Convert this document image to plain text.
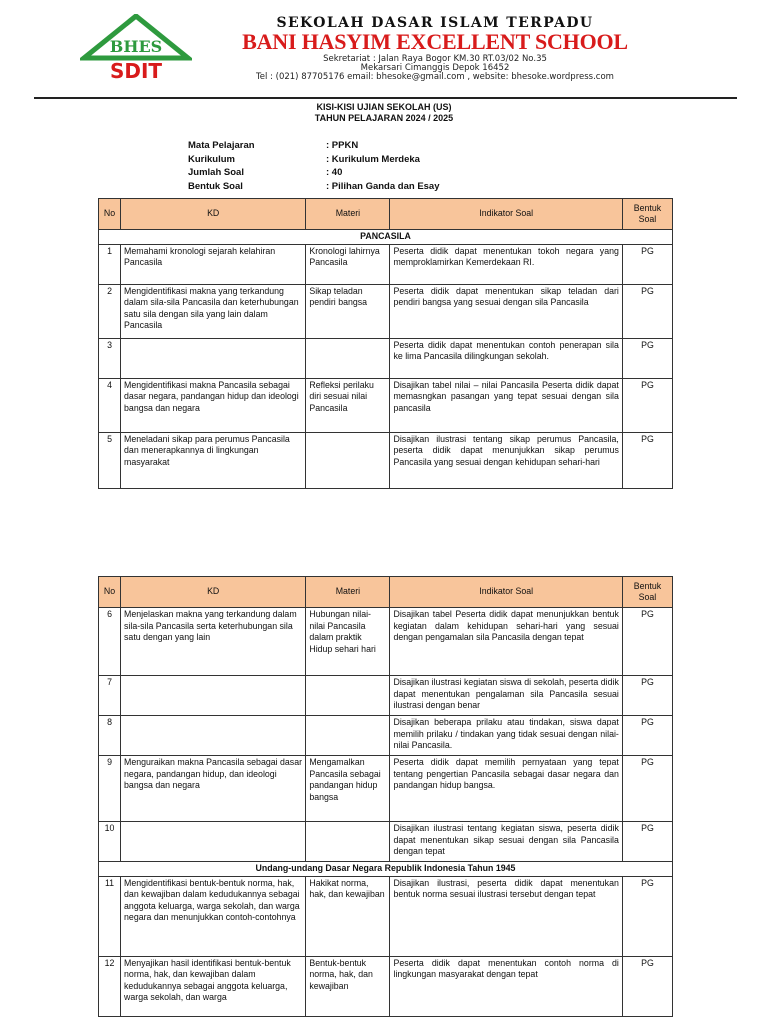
BHES
SDIT
SEKOLAH DASAR ISLAM TERPADU
BANI HASYIM EXCELLENT SCHOOL
Sekretariat : Jalan Raya Bogor KM.30 RT.03/02 No.35
Mekarsari Cimanggis Depok 16452
Tel : (021) 87705176 email: bhesoke@gmail.com , website: bhesoke.wordpress.com
KISI-KISI UJIAN SEKOLAH (US)
TAHUN PELAJARAN 2024 / 2025
Mata Pelajaran	: PPKN
Kurikulum	: Kurikulum Merdeka
Jumlah Soal	: 40
Bentuk Soal	: Pilihan Ganda dan Esay
No	KD	Materi	Indikator Soal	Bentuk Soal
PANCASILA				
1	Memahami kronologi sejarah kelahiran Pancasila	Kronologi lahirnya Pancasila	Peserta didik dapat menentukan tokoh negara yang memproklamirkan Kemerdekaan RI.	PG
2	Mengidentifikasi makna yang terkandung dalam sila-sila Pancasila dan keterhubungan satu sila dengan sila yang lain dalam Pancasila	Sikap teladan pendiri bangsa	Peserta didik dapat menentukan sikap teladan dari pendiri bangsa yang sesuai dengan sila Pancasila	PG
3			Peserta didik dapat menentukan contoh penerapan sila ke lima Pancasila dilingkungan sekolah.	PG
4	Mengidentifikasi makna Pancasila sebagai dasar negara, pandangan hidup dan ideologi bangsa dan negara	Refleksi perilaku diri sesuai nilai Pancasila	Disajikan tabel nilai – nilai Pancasila Peserta didik dapat memasngkan pasangan yang tepat sesuai dengan sila pancasila	PG
5	Meneladani sikap para perumus Pancasila dan menerapkannya di lingkungan masyarakat		Disajikan ilustrasi tentang sikap perumus Pancasila, peserta didik dapat menunjukkan sikap perumus Pancasila yang sesuai dengan kehidupan sehari-hari	PG
No	KD	Materi	Indikator Soal	Bentuk Soal
6	Menjelaskan makna yang terkandung dalam sila-sila Pancasila serta keterhubungan sila satu dengan yang lain	Hubungan nilai-nilai Pancasila dalam praktik Hidup sehari hari	Disajikan tabel Peserta didik dapat menunjukkan bentuk kegiatan dalam kehidupan sehari-hari yang sesuai dengan pengamalan sila Pancasila dengan tepat	PG
7			Disajikan ilustrasi kegiatan siswa di sekolah, peserta didik dapat menentukan pengalaman sila Pancasila sesuai ilustrasi dengan benar	PG
8			Disajikan beberapa prilaku atau tindakan, siswa dapat memilih prilaku / tindakan yang tidak sesuai dengan nilai-nilai Pancasila.	PG
9	Menguraikan makna Pancasila sebagai dasar negara, pandangan hidup, dan ideologi bangsa dan negara	Mengamalkan Pancasila sebagai pandangan hidup bangsa	Peserta didik dapat memilih pernyataan yang tepat tentang pengertian Pancasila sebagai dasar negara dan pandangan hidup bangsa.	PG
10			Disajikan ilustrasi tentang kegiatan siswa, peserta didik dapat menentukan sikap sesuai dengan sila Pancasila dengan tepat	PG
Undang-undang Dasar Negara Republik Indonesia Tahun 1945				
11	Mengidentifikasi bentuk-bentuk norma, hak, dan kewajiban dalam kedudukannya sebagai anggota keluarga, warga sekolah, dan warga negara dan menunjukkan contoh-contohnya	Hakikat norma, hak, dan kewajiban	Disajikan ilustrasi, peserta didik dapat menentukan bentuk norma sesuai ilustrasi tersebut dengan tepat	PG
12	Menyajikan hasil identifikasi bentuk-bentuk norma, hak, dan kewajiban dalam kedudukannya sebagai anggota keluarga, warga sekolah, dan warga	Bentuk-bentuk norma, hak, dan kewajiban	Peserta didik dapat menentukan contoh norma di lingkungan masyarakat dengan tepat	PG
